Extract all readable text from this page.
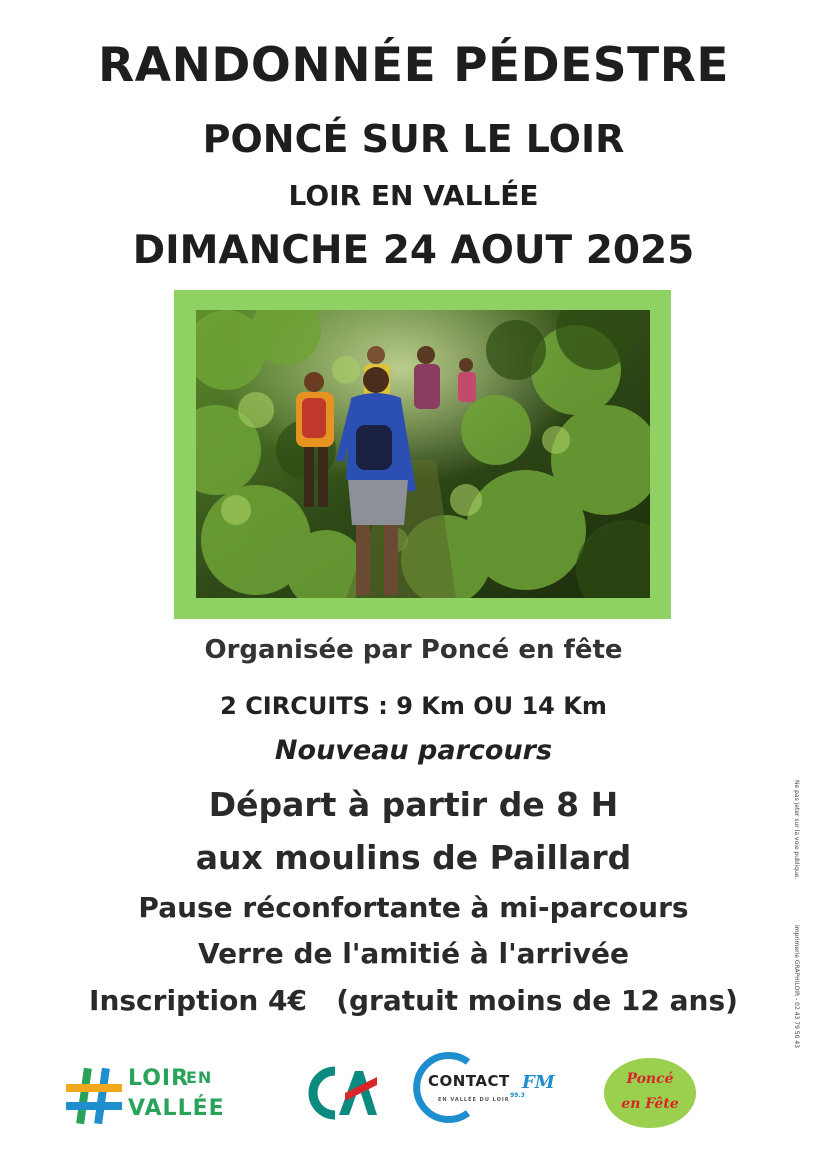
RANDONNÉE PÉDESTRE
PONCÉ SUR LE LOIR
LOIR EN VALLÉE
DIMANCHE 24 AOUT 2025
Organisée par Poncé en fête
2 CIRCUITS : 9 Km OU 14 Km
Nouveau parcours
Départ à partir de 8 H
aux moulins de Paillard
Pause réconfortante à mi-parcours
Verre de l'amitié à l'arrivée
Inscription 4€   (gratuit moins de 12 ans)
Ne pas jeter sur la voie publique.
Imprimerie GRAPHILOIR - 02 43 79 50 43
LOIR
EN
VALLÉE
CONTACT FM
99.3
EN VALLÉE DU LOIR
Poncé
en Fête
